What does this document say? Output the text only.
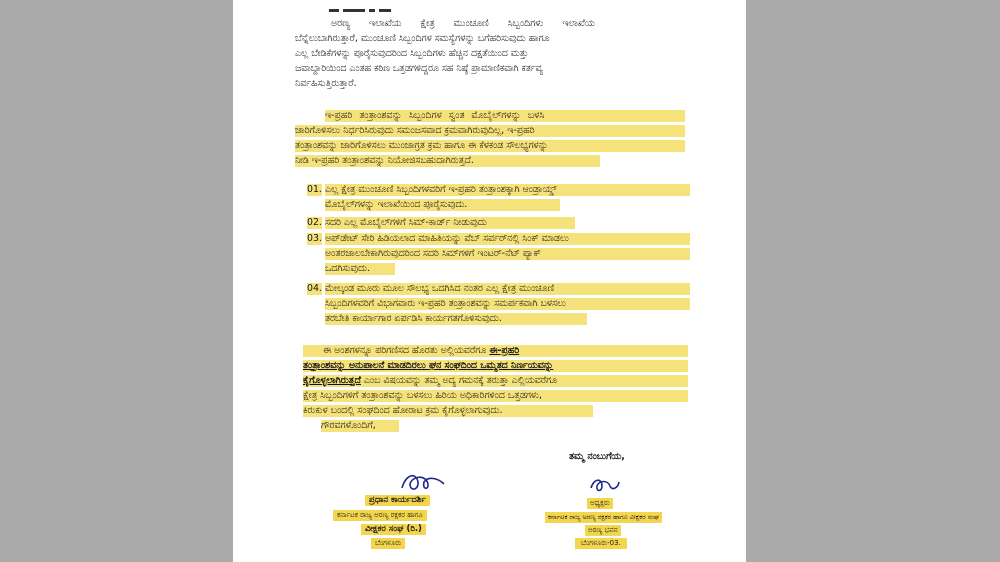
ಅರಣ್ಯ ಇಲಾಖೆಯ ಕ್ಷೇತ್ರ ಮುಂಚೂಣಿ ಸಿಬ್ಬಂದಿಗಳು ಇಲಾಖೆಯ
ಬೆನ್ನೆಲುಬಾಗಿರುತ್ತಾರೆ, ಮುಂಚೂಣಿ ಸಿಬ್ಬಂದಿಗಳ ಸಮಸ್ಯೆಗಳನ್ನು ಬಗೆಹರಿಸುವುದು ಹಾಗೂ
ಎಲ್ಲ ಬೇಡಿಕೆಗಳನ್ನು ಪೂರೈಸುವುದರಿಂದ ಸಿಬ್ಬಂದಿಗಳು ಹೆಚ್ಚಿನ ದಕ್ಷತೆಯಿಂದ ಮತ್ತು
ಜವಾಬ್ದಾರಿಯಿಂದ ಎಂತಹ ಕಠಿಣ ಒತ್ತಡಗಳಿದ್ದರೂ ಸಹ ನಿಷ್ಠೆ ಪ್ರಾಮಾಣಿಕವಾಗಿ ಕರ್ತವ್ಯ
ನಿರ್ವಹಿಸುತ್ತಿರುತ್ತಾರೆ.
ಇ-ಪ್ರಹರಿ ತಂತ್ರಾಂಶವನ್ನು ಸಿಬ್ಬಂದಿಗಳ ಸ್ವಂತ ಮೊಬೈಲ್‌ಗಳನ್ನು ಬಳಸಿ
ಜಾರಿಗೊಳಿಸಲು ನಿರ್ಧರಿಸಿರುವುದು ಸಮಂಜಸವಾದ ಕ್ರಮವಾಗಿರುವುದಿಲ್ಲ, ಇ-ಪ್ರಹರಿ
ತಂತ್ರಾಂಶವನ್ನು ಜಾರಿಗೊಳಿಸಲು ಮುಂಜಾಗ್ರತ ಕ್ರಮ ಹಾಗೂ ಈ ಕೆಳಕಂಡ ಸೌಲಭ್ಯಗಳನ್ನು
ನೀಡಿ ಇ-ಪ್ರಹರಿ ತಂತ್ರಾಂಶವನ್ನು ನಿಯೋಜಿಸಬಹುದಾಗಿರುತ್ತದೆ.
01. ಎಲ್ಲ ಕ್ಷೇತ್ರ ಮುಂಚೂಣಿ ಸಿಬ್ಬಂದಿಗಳವರಿಗೆ ಇ-ಪ್ರಹರಿ ತಂತ್ರಾಂಶಕ್ಕಾಗಿ ಆಂಡ್ರಾಯ್ಡ್
ಮೊಬೈಲ್‌ಗಳನ್ನು ಇಲಾಖೆಯಿಂದ ಪೂರೈಸುವುದು.
02. ಸದರಿ ಎಲ್ಲ ಮೊಬೈಲ್‌ಗಳಿಗೆ ಸಿಮ್-ಕಾರ್ಡ್ ನೀಡುವುದು
03. ಅಪ್‌ಡೇಟ್ ಸೇರಿ ಹಿಡಿಯಲಾದ ಮಾಹಿತಿಯನ್ನು ವೆಬ್ ಸರ್ವರ್‌ನಲ್ಲಿ ಸಿಂಕ್ ಮಾಡಲು
ಅಂತರಜಾಲಬೇಕಾಗಿರುವುದರಿಂದ ಸದರಿ ಸಿಮ್‌ಗಳಿಗೆ ಇಂಟರ್-ನೆಟ್ ಪ್ಯಾಕ್
ಒದಗಿಸುವುದು.
04. ಮೇಲ್ಕಂಡ ಮೂರು ಮೂಲ ಸೌಲಭ್ಯ ಒದಗಿಸಿದ ನಂತರ ಎಲ್ಲ ಕ್ಷೇತ್ರ ಮುಂಚೂಣಿ
ಸಿಬ್ಬಂದಿಗಳವರಿಗೆ ವಿಭಾಗವಾರು ಇ-ಪ್ರಹರಿ ತಂತ್ರಾಂಶವನ್ನು ಸಮರ್ಪಕವಾಗಿ ಬಳಸಲು
ತರಬೇತಿ ಕಾರ್ಯಾಗಾರ ಏರ್ಪಡಿಸಿ ಕಾರ್ಯಗತಗೊಳಿಸುವುದು.
ಈ ಅಂಶಗಳನ್ನೂ ಪರಿಗಣಿಸದ ಹೊರತು ಅಲ್ಲಿಯವರೆಗೂ ಈ-ಪ್ರಹರಿ
ತಂತ್ರಾಂಶವನ್ನು ಅನುಪಾಲನೆ ಮಾಡದಿರಲು ಘನ ಸಂಘದಿಂದ ಒಮ್ಮತದ ನಿರ್ಣಯವನ್ನು
ಕೈಗೊಳ್ಳಲಾಗಿರುತ್ತದೆ ಎಂಬ ವಿಷಯವನ್ನು ತಮ್ಮ ಅದ್ಯ ಗಮನಕ್ಕೆ ತರುತ್ತಾ ಎಲ್ಲಿಯವರೆಗೂ
ಕ್ಷೇತ್ರ ಸಿಬ್ಬಂದಿಗಳಿಗೆ ತಂತ್ರಾಂಶವನ್ನು ಬಳಸಲು ಹಿರಿಯ ಅಧಿಕಾರಿಗಳಿಂದ ಒತ್ತಡಗಳು,
ಕಿರುಕುಳ ಬಂದಲ್ಲಿ ಸಂಘದಿಂದ ಹೋರಾಟ ಕ್ರಮ ಕೈಗೊಳ್ಳಲಾಗುವುದು.
ಗೌರವಗಳೊಂದಿಗೆ,
ತಮ್ಮ ನಂಬುಗೆಯ,
ಪ್ರಧಾನ ಕಾರ್ಯದರ್ಶಿ
ಕರ್ನಾಟಕ ರಾಜ್ಯ ಅರಣ್ಯ ರಕ್ಷಕರ ಹಾಗೂ
ವೀಕ್ಷಕರ ಸಂಘ (ರಿ.)
ಬೆಂಗಳೂರು
ಅಧ್ಯಕ್ಷರು
ಕರ್ನಾಟಕ ರಾಜ್ಯ ಅರಣ್ಯ ರಕ್ಷಕರ ಹಾಗೂ ವೀಕ್ಷಕರ ಸಂಘ
ಅರಣ್ಯ ಭವನ
ಬೆಂಗಳೂರು-03.
